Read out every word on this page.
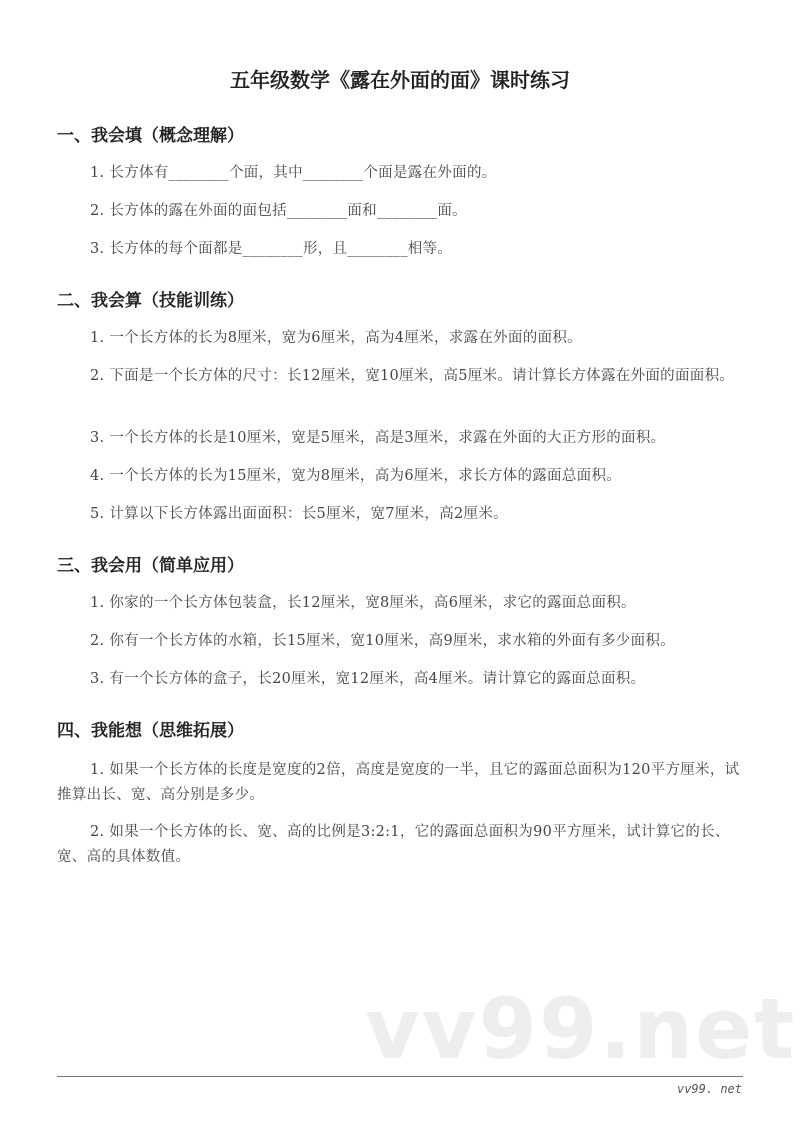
五年级数学《露在外面的面》课时练习
一、我会填（概念理解）
1. 长方体有________个面，其中________个面是露在外面的。
2. 长方体的露在外面的面包括________面和________面。
3. 长方体的每个面都是________形，且________相等。
二、我会算（技能训练）
1. 一个长方体的长为8厘米，宽为6厘米，高为4厘米，求露在外面的面积。
2. 下面是一个长方体的尺寸：长12厘米，宽10厘米，高5厘米。请计算长方体露在外面的面面积。
3. 一个长方体的长是10厘米，宽是5厘米，高是3厘米，求露在外面的大正方形的面积。
4. 一个长方体的长为15厘米，宽为8厘米，高为6厘米，求长方体的露面总面积。
5. 计算以下长方体露出面面积：长5厘米，宽7厘米，高2厘米。
三、我会用（简单应用）
1. 你家的一个长方体包装盒，长12厘米，宽8厘米，高6厘米，求它的露面总面积。
2. 你有一个长方体的水箱，长15厘米，宽10厘米，高9厘米，求水箱的外面有多少面积。
3. 有一个长方体的盒子，长20厘米，宽12厘米，高4厘米。请计算它的露面总面积。
四、我能想（思维拓展）
1. 如果一个长方体的长度是宽度的2倍，高度是宽度的一半，且它的露面总面积为120平方厘米，试推算出长、宽、高分别是多少。
2. 如果一个长方体的长、宽、高的比例是3:2:1，它的露面总面积为90平方厘米，试计算它的长、宽、高的具体数值。
vv99.net
vv99. net
